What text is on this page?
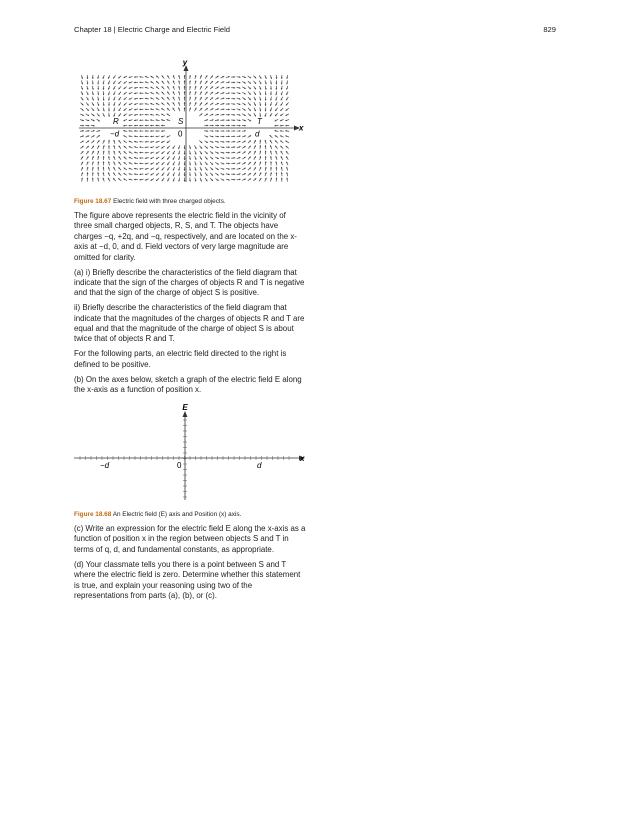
Chapter 18 | Electric Charge and Electric Field	829
y
x
R	S	T
−d	0	d
Figure 18.67 Electric field with three charged objects.

The figure above represents the electric field in the vicinity of three small charged objects, R, S, and T. The objects have charges −q, +2q, and −q, respectively, and are located on the x-axis at −d, 0, and d. Field vectors of very large magnitude are omitted for clarity.

(a) i) Briefly describe the characteristics of the field diagram that indicate that the sign of the charges of objects R and T is negative and that the sign of the charge of object S is positive.

ii) Briefly describe the characteristics of the field diagram that indicate that the magnitudes of the charges of objects R and T are equal and that the magnitude of the charge of object S is about twice that of objects R and T.

For the following parts, an electric field directed to the right is defined to be positive.

(b) On the axes below, sketch a graph of the electric field E along the x-axis as a function of position x.

E
x
−d	0	d
Figure 18.68 An Electric field (E) axis and Position (x) axis.

(c) Write an expression for the electric field E along the x-axis as a function of position x in the region between objects S and T in terms of q, d, and fundamental constants, as appropriate.

(d) Your classmate tells you there is a point between S and T where the electric field is zero. Determine whether this statement is true, and explain your reasoning using two of the representations from parts (a), (b), or (c).
